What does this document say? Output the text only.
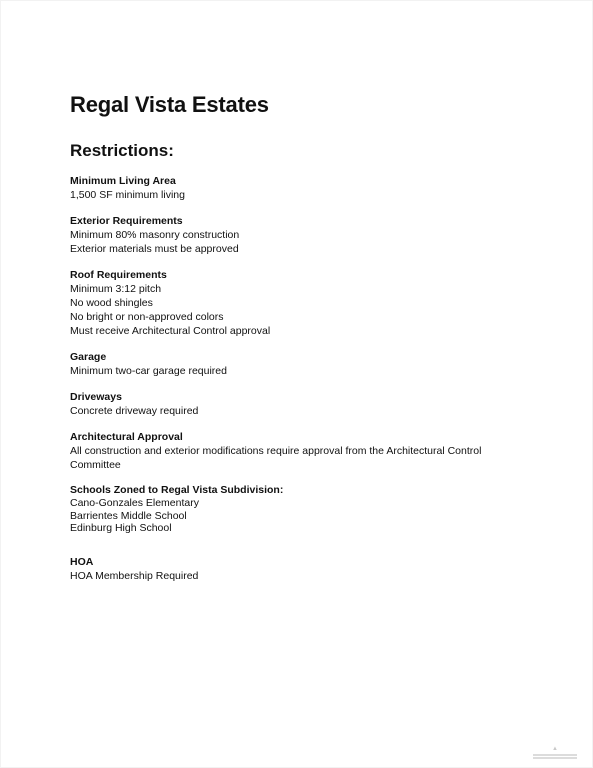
Regal Vista Estates
Restrictions:

Minimum Living Area

1,500 SF minimum living

Exterior Requirements

Minimum 80% masonry construction

Exterior materials must be approved

Roof Requirements

Minimum 3:12 pitch

No wood shingles

No bright or non-approved colors

Must receive Architectural Control approval

Garage

Minimum two-car garage required

Driveways

Concrete driveway required

Architectural Approval

All construction and exterior modifications require approval from the Architectural Control Committee

Schools Zoned to Regal Vista Subdivision:

Cano-Gonzales Elementary

Barrientes Middle School

Edinburg High School

HOA

HOA Membership Required

▲
